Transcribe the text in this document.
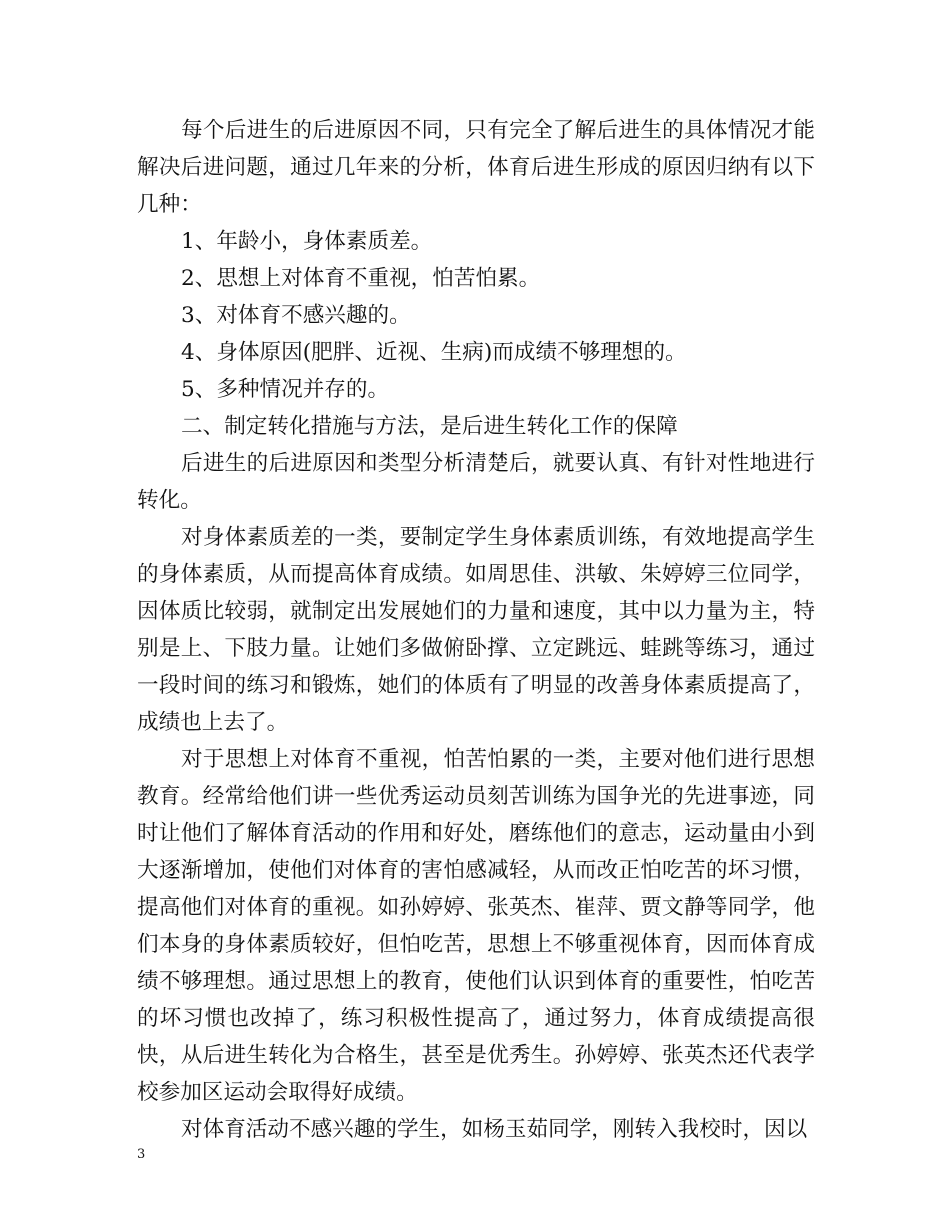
每个后进生的后进原因不同，只有完全了解后进生的具体情况才能解决后进问题，通过几年来的分析，体育后进生形成的原因归纳有以下几种：

1、年龄小，身体素质差。

2、思想上对体育不重视，怕苦怕累。

3、对体育不感兴趣的。

4、身体原因(肥胖、近视、生病)而成绩不够理想的。

5、多种情况并存的。

二、制定转化措施与方法，是后进生转化工作的保障

后进生的后进原因和类型分析清楚后，就要认真、有针对性地进行转化。

对身体素质差的一类，要制定学生身体素质训练，有效地提高学生的身体素质，从而提高体育成绩。如周思佳、洪敏、朱婷婷三位同学，因体质比较弱，就制定出发展她们的力量和速度，其中以力量为主，特别是上、下肢力量。让她们多做俯卧撑、立定跳远、蛙跳等练习，通过一段时间的练习和锻炼，她们的体质有了明显的改善身体素质提高了，成绩也上去了。

对于思想上对体育不重视，怕苦怕累的一类，主要对他们进行思想教育。经常给他们讲一些优秀运动员刻苦训练为国争光的先进事迹，同时让他们了解体育活动的作用和好处，磨练他们的意志，运动量由小到大逐渐增加，使他们对体育的害怕感减轻，从而改正怕吃苦的坏习惯，提高他们对体育的重视。如孙婷婷、张英杰、崔萍、贾文静等同学，他们本身的身体素质较好，但怕吃苦，思想上不够重视体育，因而体育成绩不够理想。通过思想上的教育，使他们认识到体育的重要性，怕吃苦的坏习惯也改掉了，练习积极性提高了，通过努力，体育成绩提高很快，从后进生转化为合格生，甚至是优秀生。孙婷婷、张英杰还代表学校参加区运动会取得好成绩。

对体育活动不感兴趣的学生，如杨玉茹同学，刚转入我校时，因以

3
